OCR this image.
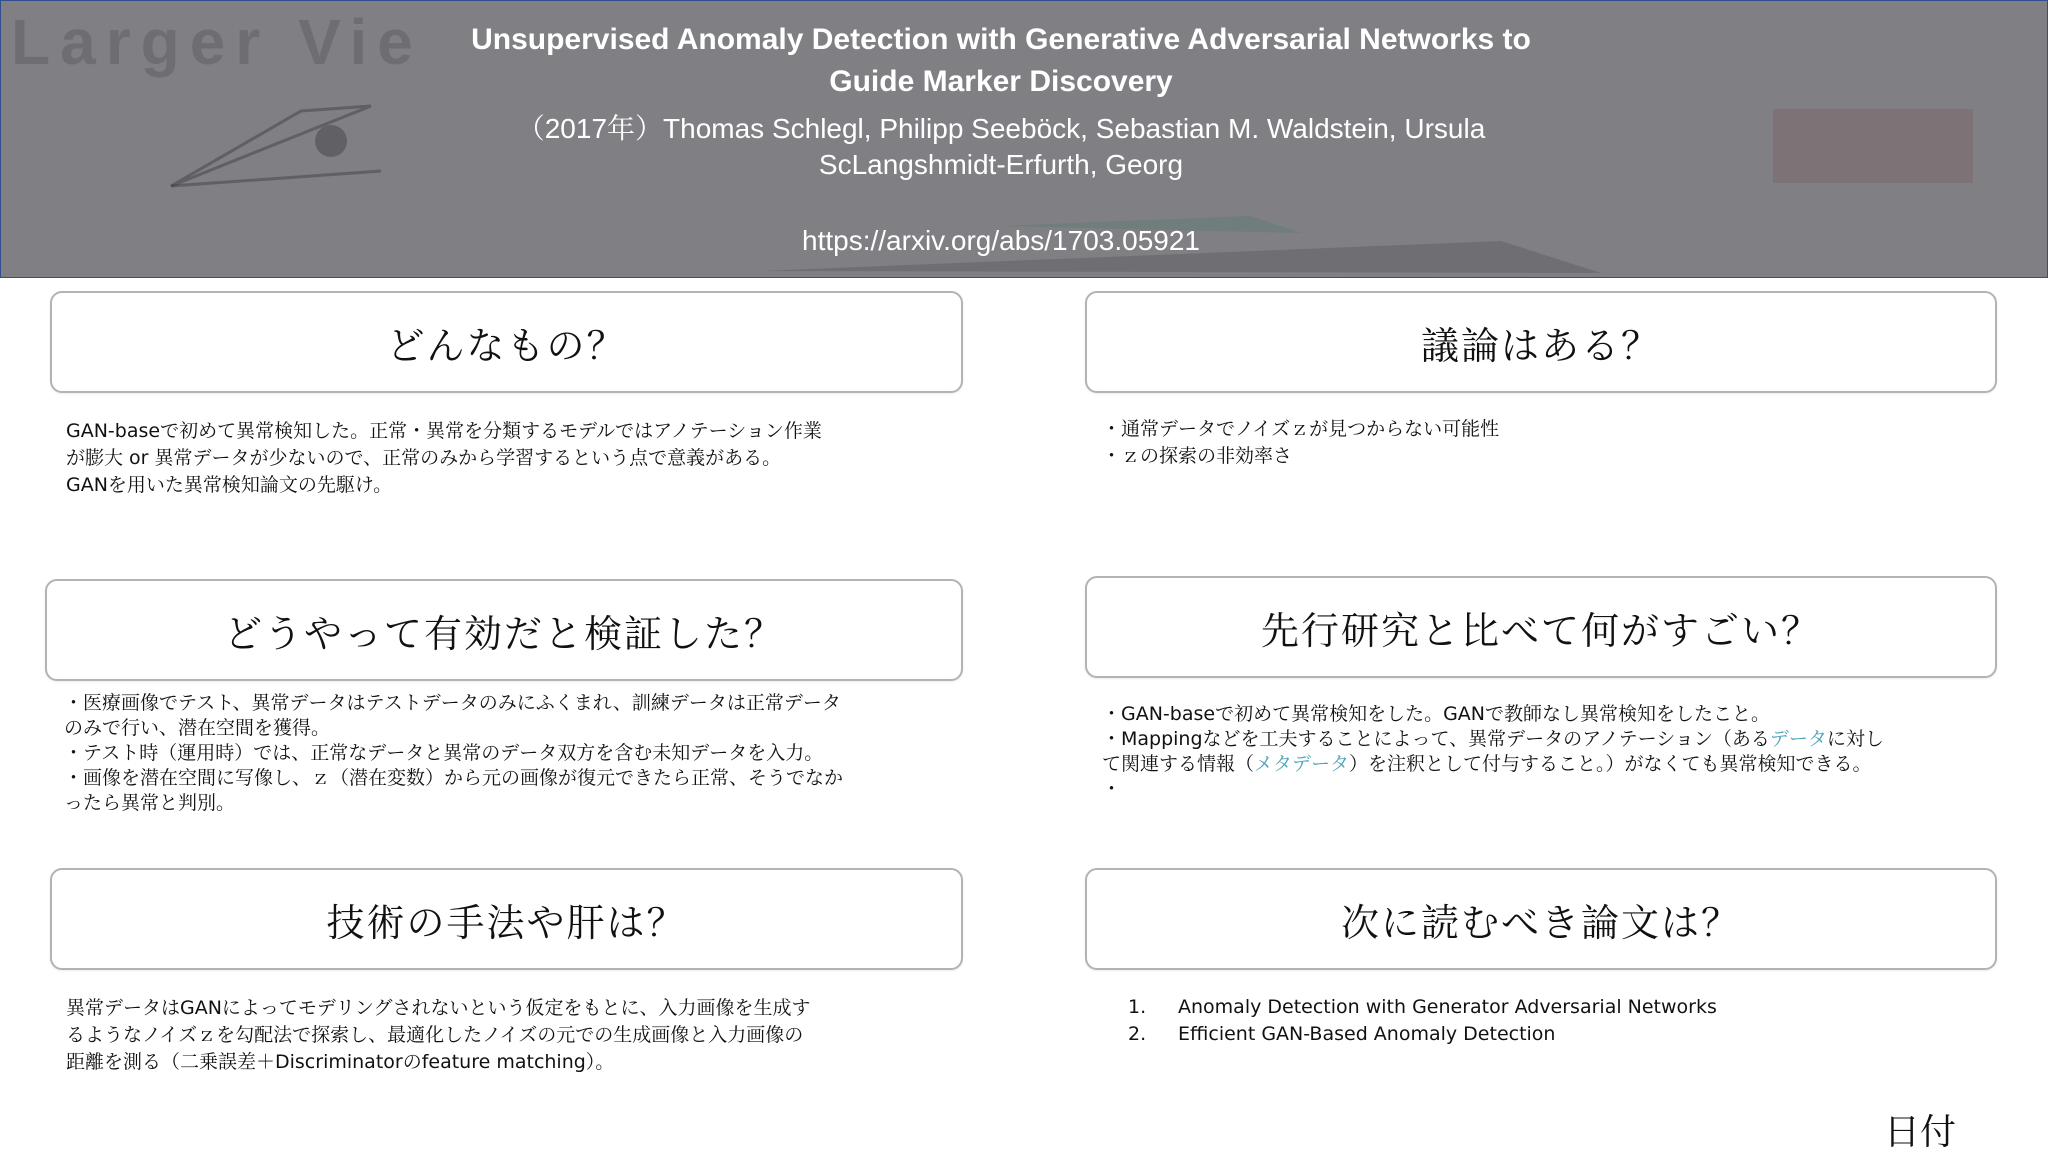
Larger Vie	Unsupervised Anomaly Detection with Generative Adversarial Networks to
Guide Marker Discovery
（2017年）Thomas Schlegl, Philipp Seeböck, Sebastian M. Waldstein, Ursula
ScLangshmidt-Erfurth, Georg
https://arxiv.org/abs/1703.05921
どんなもの？

GAN-baseで初めて異常検知した。正常・異常を分類するモデルではアノテーション作業

が膨大 or 異常データが少ないので、正常のみから学習するという点で意義がある。

GANを用いた異常検知論文の先駆け。

どうやって有効だと検証した？

・医療画像でテスト、異常データはテストデータのみにふくまれ、訓練データは正常データ

のみで行い、潜在空間を獲得。

・テスト時（運用時）では、正常なデータと異常のデータ双方を含む未知データを入力。

・画像を潜在空間に写像し、ｚ（潜在変数）から元の画像が復元できたら正常、そうでなか

ったら異常と判別。

技術の手法や肝は？

異常データはGANによってモデリングされないという仮定をもとに、入力画像を生成す

るようなノイズｚを勾配法で探索し、最適化したノイズの元での生成画像と入力画像の

距離を測る（二乗誤差＋Discriminatorのfeature matching）。

議論はある？

・通常データでノイズｚが見つからない可能性

・ｚの探索の非効率さ

先行研究と比べて何がすごい？

・GAN-baseで初めて異常検知をした。GANで教師なし異常検知をしたこと。

・Mappingなどを工夫することによって、異常データのアノテーション（あるデータに対し

て関連する情報（メタデータ）を注釈として付与すること。）がなくても異常検知できる。

・

次に読むべき論文は？
1.	Anomaly Detection with Generator Adversarial Networks
2.	Efficient GAN-Based Anomaly Detection
日付
